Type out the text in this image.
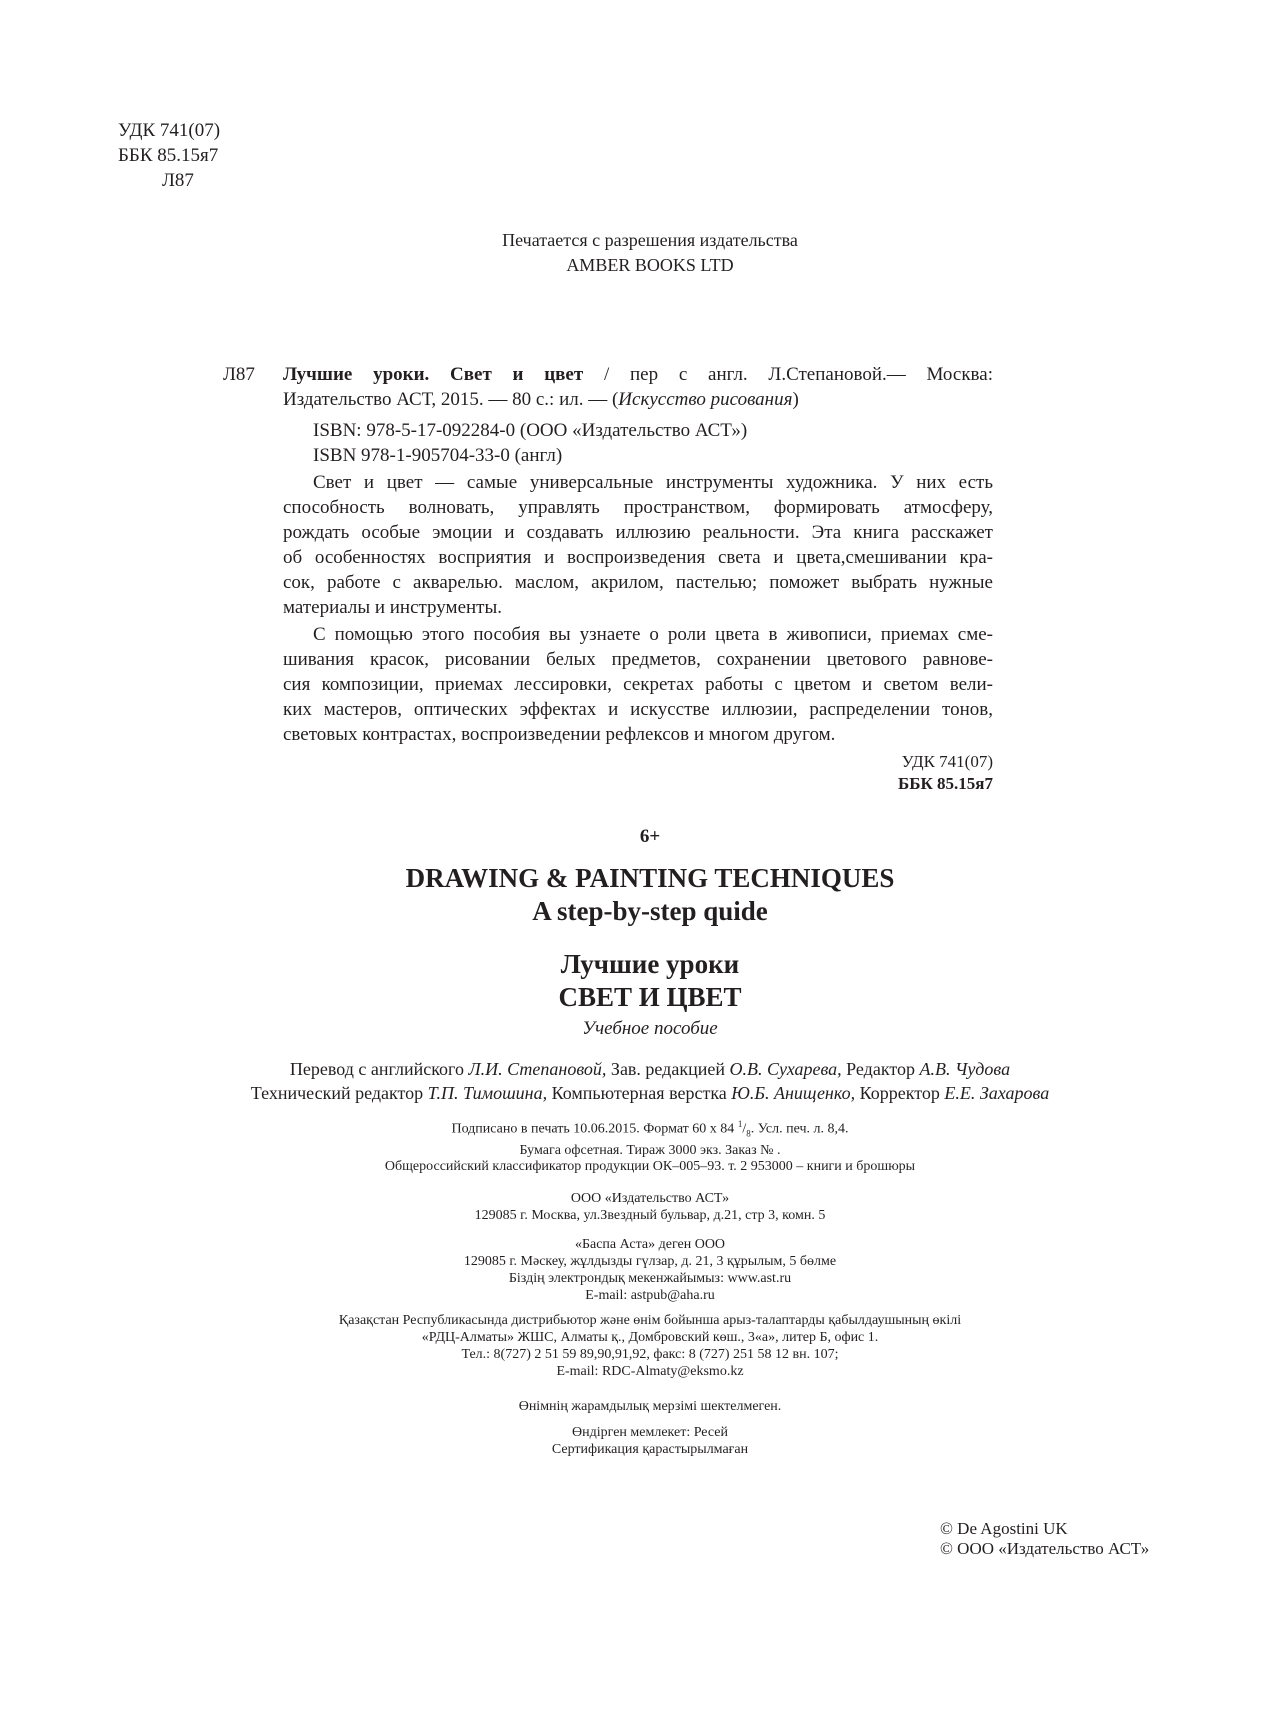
УДК 741(07)
ББК 85.15я7
Л87
Печатается с разрешения издательства
AMBER BOOKS LTD
Л87 Лучшие уроки. Свет и цвет / пер с англ. Л.Степановой.— Москва:
Издательство АСТ, 2015. — 80 с.: ил. — (Искусство рисования)
ISBN: 978-5-17-092284-0 (ООО «Издательство АСТ»)
ISBN 978-1-905704-33-0 (англ)
Свет и цвет — самые универсальные инструменты художника. У них есть
способность волновать, управлять пространством, формировать атмосферу,
рождать особые эмоции и создавать иллюзию реальности. Эта книга расскажет
об особенностях восприятия и воспроизведения света и цвета,смешивании кра-
сок, работе с акварелью. маслом, акрилом, пастелью; поможет выбрать нужные
материалы и инструменты.
С помощью этого пособия вы узнаете о роли цвета в живописи, приемах сме-
шивания красок, рисовании белых предметов, сохранении цветового равнове-
сия композиции, приемах лессировки, секретах работы с цветом и светом вели-
ких мастеров, оптических эффектах и искусстве иллюзии, распределении тонов,
световых контрастах, воспроизведении рефлексов и многом другом.
УДК 741(07)
ББК 85.15я7
6+
DRAWING & PAINTING TECHNIQUES
A step-by-step quide
Лучшие уроки
СВЕТ И ЦВЕТ
Учебное пособие
Перевод с английского Л.И. Степановой, Зав. редакцией О.В. Сухарева, Редактор А.В. Чудова
Технический редактор Т.П. Тимошина, Компьютерная верстка Ю.Б. Анищенко, Корректор Е.Е. Захарова
Подписано в печать 10.06.2015. Формат 60 х 84 $^1/_8$. Усл. печ. л. 8,4.
Бумага офсетная. Тираж 3000 экз. Заказ № .
Общероссийский классификатор продукции ОК–005–93. т. 2 953000 – книги и брошюры
ООО «Издательство АСТ»
129085 г. Москва, ул.Звездный бульвар, д.21, стр 3, комн. 5
«Баспа Аста» деген ООО
129085 г. Мәскеу, жұлдызды гүлзар, д. 21, 3 құрылым, 5 бөлме
Біздің электрондық мекенжайымыз: www.ast.ru
E-mail: astpub@aha.ru
Қазақстан Республикасында дистрибьютор және өнім бойынша арыз-талаптарды қабылдаушының өкілі
«РДЦ-Алматы» ЖШС, Алматы қ., Домбровский көш., 3«а», литер Б, офис 1.
Тел.: 8(727) 2 51 59 89,90,91,92, факс: 8 (727) 251 58 12 вн. 107;
E-mail: RDC-Almaty@eksmo.kz
Өнімнің жарамдылық мерзімі шектелмеген.
Өндірген мемлекет: Ресей
Сертификация қарастырылмаған
© De Agostini UK
© ООО «Издательство АСТ»
